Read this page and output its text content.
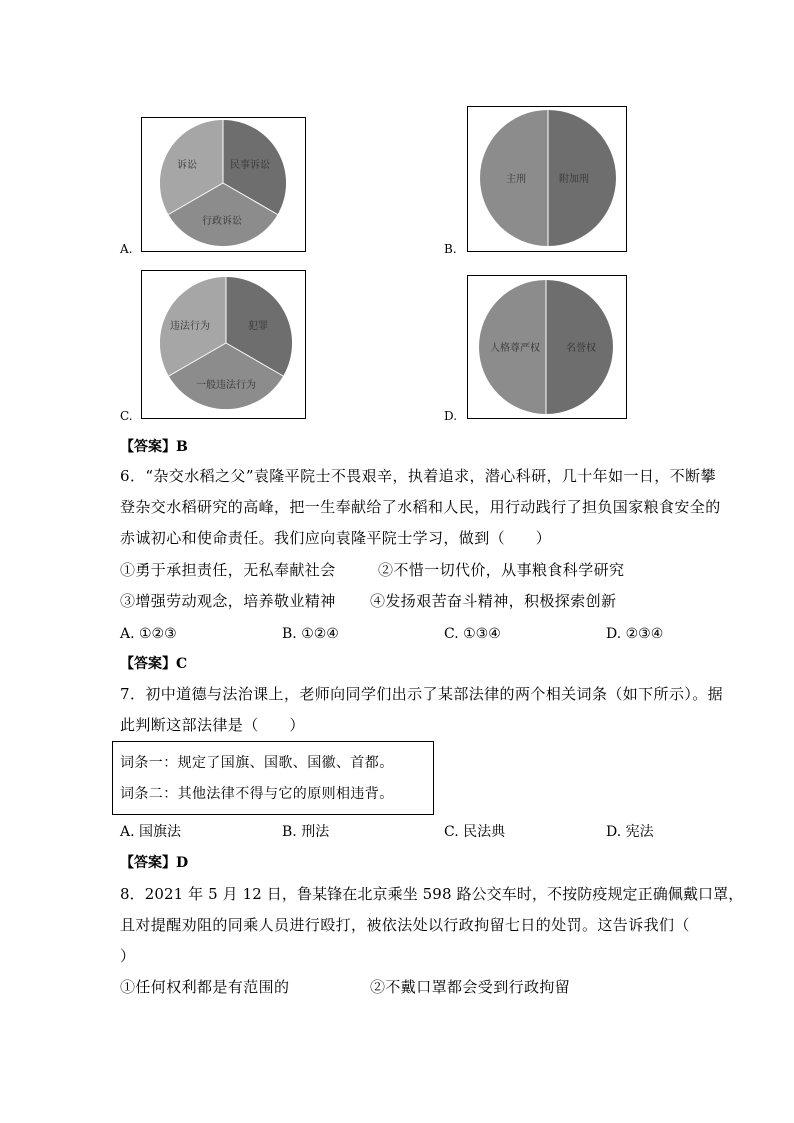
诉讼	民事诉讼
行政诉讼
A.
主刑	附加刑
B.
违法行为	犯罪
一般违法行为
C.
人格尊严权	名誉权
D.
【答案】B
6．“杂交水稻之父”袁隆平院士不畏艰辛，执着追求，潜心科研，几十年如一日，不断攀
登杂交水稻研究的高峰，把一生奉献给了水稻和人民，用行动践行了担负国家粮食安全的
赤诚初心和使命责任。我们应向袁隆平院士学习，做到（　　）
①勇于承担责任，无私奉献社会	②不惜一切代价，从事粮食科学研究
③增强劳动观念，培养敬业精神 ④发扬艰苦奋斗精神，积极探索创新
A. ①②③	B. ①②④	C. ①③④	D. ②③④
【答案】C
7．初中道德与法治课上，老师向同学们出示了某部法律的两个相关词条（如下所示）。据
此判断这部法律是（　　）
词条一：规定了国旗、国歌、国徽、首都。
词条二：其他法律不得与它的原则相违背。
A. 国旗法	B. 刑法	C. 民法典	D. 宪法
【答案】D
8．2021 年 5 月 12 日，鲁某锋在北京乘坐 598 路公交车时，不按防疫规定正确佩戴口罩，
且对提醒劝阻的同乘人员进行殴打，被依法处以行政拘留七日的处罚。这告诉我们（
）
①任何权利都是有范围的	②不戴口罩都会受到行政拘留
